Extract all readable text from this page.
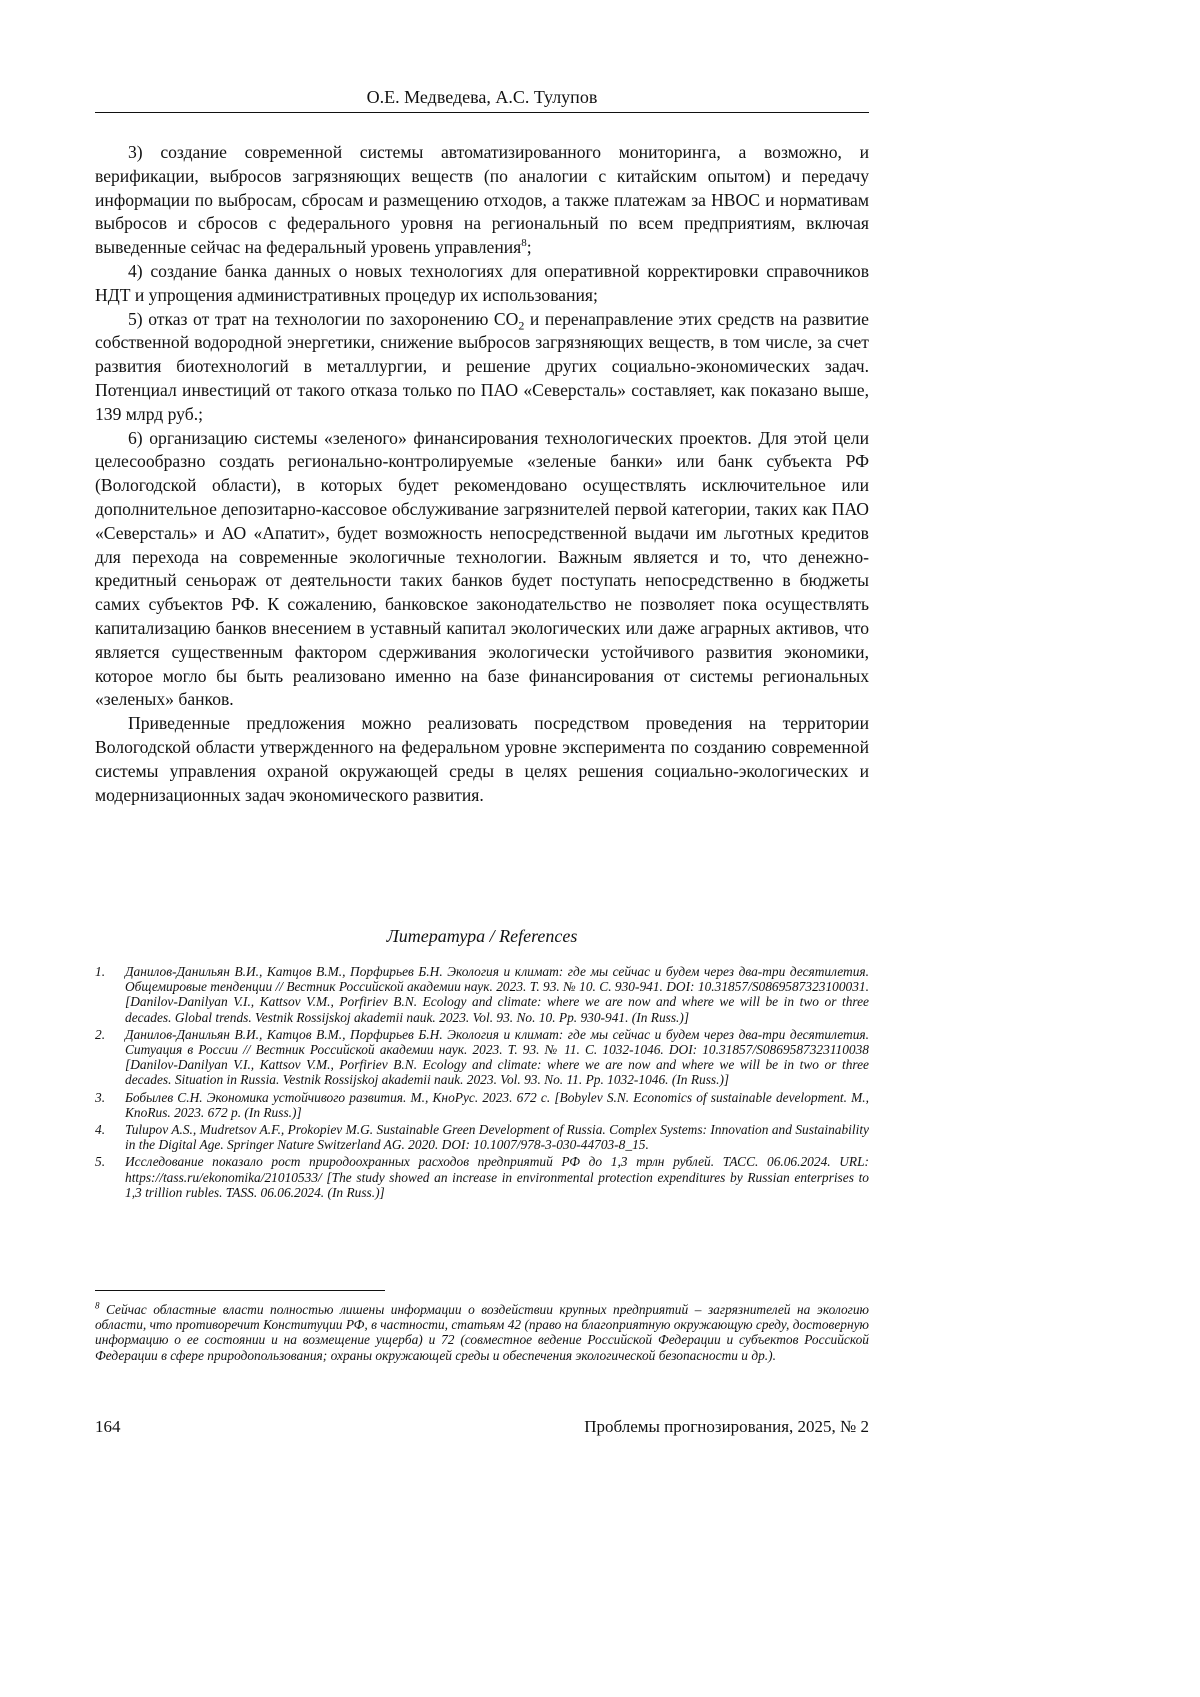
О.Е. Медведева, А.С. Тулупов

3) создание современной системы автоматизированного мониторинга, а возможно, и верификации, выбросов загрязняющих веществ (по аналогии с китайским опытом) и передачу информации по выбросам, сбросам и размещению отходов, а также платежам за НВОС и нормативам выбросов и сбросов с федерального уровня на региональный по всем предприятиям, включая выведенные сейчас на федеральный уровень управления$^8$;

4) создание банка данных о новых технологиях для оперативной корректировки справочников НДТ и упрощения административных процедур их использования;

5) отказ от трат на технологии по захоронению $CO_2$ и перенаправление этих средств на развитие собственной водородной энергетики, снижение выбросов загрязняющих веществ, в том числе, за счет развития биотехнологий в металлургии, и решение других социально-экономических задач. Потенциал инвестиций от такого отказа только по ПАО «Северсталь» составляет, как показано выше, 139 млрд руб.;

6) организацию системы «зеленого» финансирования технологических проектов. Для этой цели целесообразно создать регионально-контролируемые «зеленые банки» или банк субъекта РФ (Вологодской области), в которых будет рекомендовано осуществлять исключительное или дополнительное депозитарно-кассовое обслуживание загрязнителей первой категории, таких как ПАО «Северсталь» и АО «Апатит», будет возможность непосредственной выдачи им льготных кредитов для перехода на современные экологичные технологии. Важным является и то, что денежно-кредитный сеньораж от деятельности таких банков будет поступать непосредственно в бюджеты самих субъектов РФ. К сожалению, банковское законодательство не позволяет пока осуществлять капитализацию банков внесением в уставный капитал экологических или даже аграрных активов, что является существенным фактором сдерживания экологически устойчивого развития экономики, которое могло бы быть реализовано именно на базе финансирования от системы региональных «зеленых» банков.

Приведенные предложения можно реализовать посредством проведения на территории Вологодской области утвержденного на федеральном уровне эксперимента по созданию современной системы управления охраной окружающей среды в целях решения социально-экологических и модернизационных задач экономического развития.

Литература / References
1.	Данилов-Данильян В.И., Катцов В.М., Порфирьев Б.Н. Экология и климат: где мы сейчас и будем через два-три десятилетия. Общемировые тенденции // Вестник Российской академии наук. 2023. Т. 93. № 10. С. 930-941. DOI: 10.31857/S0869587323100031. [Danilov-Danilyan V.I., Kattsov V.M., Porfiriev B.N. Ecology and climate: where we are now and where we will be in two or three decades. Global trends. Vestnik Rossijskoj akademii nauk. 2023. Vol. 93. No. 10. Pp. 930-941. (In Russ.)]
2.	Данилов-Данильян В.И., Катцов В.М., Порфирьев Б.Н. Экология и климат: где мы сейчас и будем через два-три десятилетия. Ситуация в России // Вестник Российской академии наук. 2023. Т. 93. № 11. С. 1032-1046. DOI: 10.31857/S0869587323110038 [Danilov-Danilyan V.I., Kattsov V.M., Porfiriev B.N. Ecology and climate: where we are now and where we will be in two or three decades. Situation in Russia. Vestnik Rossijskoj akademii nauk. 2023. Vol. 93. No. 11. Pp. 1032-1046. (In Russ.)]
3.	Бобылев С.Н. Экономика устойчивого развития. М., КноРус. 2023. 672 с. [Bobylev S.N. Economics of sustainable development. M., KnoRus. 2023. 672 p. (In Russ.)]
4.	Tulupov A.S., Mudretsov A.F., Prokopiev M.G. Sustainable Green Development of Russia. Complex Systems: Innovation and Sustainability in the Digital Age. Springer Nature Switzerland AG. 2020. DOI: 10.1007/978-3-030-44703-8_15.
5.	Исследование показало рост природоохранных расходов предприятий РФ до 1,3 трлн рублей. ТАСС. 06.06.2024. URL: https://tass.ru/ekonomika/21010533/ [The study showed an increase in environmental protection expenditures by Russian enterprises to 1,3 trillion rubles. TASS. 06.06.2024. (In Russ.)]
$^8$ Сейчас областные власти полностью лишены информации о воздействии крупных предприятий – загрязнителей на экологию области, что противоречит Конституции РФ, в частности, статьям 42 (право на благоприятную окружающую среду, достоверную информацию о ее состоянии и на возмещение ущерба) и 72 (совместное ведение Российской Федерации и субъектов Российской Федерации в сфере природопользования; охраны окружающей среды и обеспечения экологической безопасности и др.).
164	Проблемы прогнозирования, 2025, № 2
